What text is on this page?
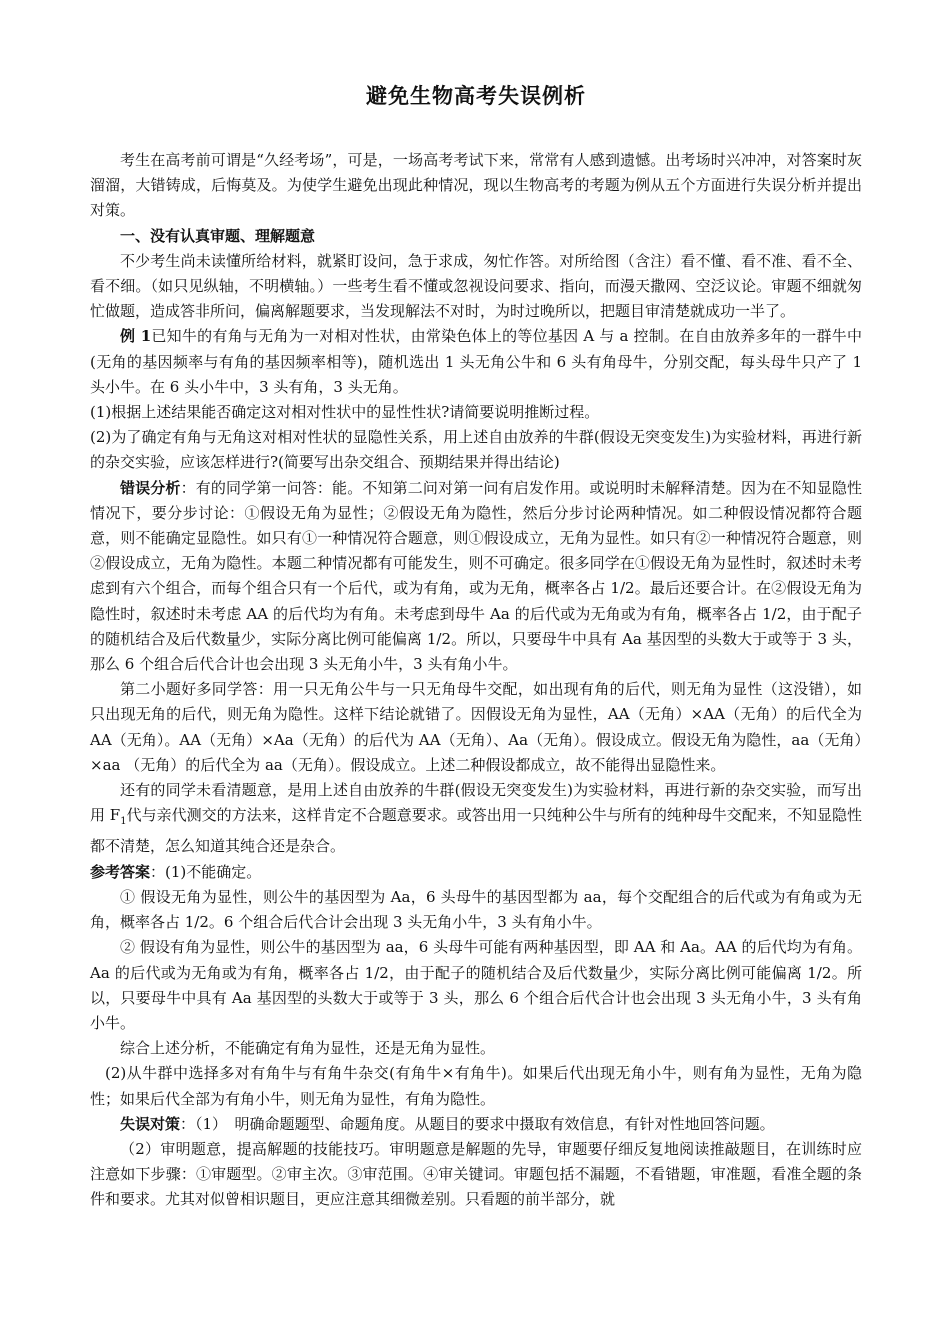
避免生物高考失误例析

考生在高考前可谓是“久经考场”，可是，一场高考考试下来，常常有人感到遗憾。出考场时兴冲冲，对答案时灰溜溜，大错铸成，后悔莫及。为使学生避免出现此种情况，现以生物高考的考题为例从五个方面进行失误分析并提出对策。

一、没有认真审题、理解题意

不少考生尚未读懂所给材料，就紧盯设问，急于求成，匆忙作答。对所给图（含注）看不懂、看不准、看不全、看不细。（如只见纵轴，不明横轴。）一些考生看不懂或忽视设问要求、指向，而漫天撒网、空泛议论。审题不细就匆忙做题，造成答非所问，偏离解题要求，当发现解法不对时，为时过晚所以，把题目审清楚就成功一半了。

例 1已知牛的有角与无角为一对相对性状，由常染色体上的等位基因 A 与 a 控制。在自由放养多年的一群牛中(无角的基因频率与有角的基因频率相等)，随机选出 1 头无角公牛和 6 头有角母牛，分别交配，每头母牛只产了 1 头小牛。在 6 头小牛中，3 头有角，3 头无角。

(1)根据上述结果能否确定这对相对性状中的显性性状?请简要说明推断过程。

(2)为了确定有角与无角这对相对性状的显隐性关系，用上述自由放养的牛群(假设无突变发生)为实验材料，再进行新的杂交实验，应该怎样进行?(简要写出杂交组合、预期结果并得出结论)

错误分析：有的同学第一问答：能。不知第二问对第一问有启发作用。或说明时未解释清楚。因为在不知显隐性情况下，要分步讨论：①假设无角为显性；②假设无角为隐性，然后分步讨论两种情况。如二种假设情况都符合题意，则不能确定显隐性。如只有①一种情况符合题意，则①假设成立，无角为显性。如只有②一种情况符合题意，则②假设成立，无角为隐性。本题二种情况都有可能发生，则不可确定。很多同学在①假设无角为显性时，叙述时未考虑到有六个组合，而每个组合只有一个后代，或为有角，或为无角，概率各占 1/2。最后还要合计。在②假设无角为隐性时，叙述时未考虑 AA 的后代均为有角。未考虑到母牛 Aa 的后代或为无角或为有角，概率各占 1/2，由于配子的随机结合及后代数量少，实际分离比例可能偏离 1/2。所以，只要母牛中具有 Aa 基因型的头数大于或等于 3 头，那么 6 个组合后代合计也会出现 3 头无角小牛，3 头有角小牛。

第二小题好多同学答：用一只无角公牛与一只无角母牛交配，如出现有角的后代，则无角为显性（这没错），如只出现无角的后代，则无角为隐性。这样下结论就错了。因假设无角为显性，AA（无角）×AA（无角）的后代全为 AA（无角）。AA（无角）×Aa（无角）的后代为 AA（无角）、Aa（无角）。假设成立。假设无角为隐性，aa（无角）×aa （无角）的后代全为 aa（无角）。假设成立。上述二种假设都成立，故不能得出显隐性来。

还有的同学未看清题意，是用上述自由放养的牛群(假设无突变发生)为实验材料，再进行新的杂交实验，而写出用 $F_1$代与亲代测交的方法来，这样肯定不合题意要求。或答出用一只纯种公牛与所有的纯种母牛交配来，不知显隐性都不清楚，怎么知道其纯合还是杂合。

参考答案：(1)不能确定。

① 假设无角为显性，则公牛的基因型为 Aa，6 头母牛的基因型都为 aa，每个交配组合的后代或为有角或为无角，概率各占 1/2。6 个组合后代合计会出现 3 头无角小牛，3 头有角小牛。

② 假设有角为显性，则公牛的基因型为 aa，6 头母牛可能有两种基因型，即 AA 和 Aa。AA 的后代均为有角。Aa 的后代或为无角或为有角，概率各占 1/2，由于配子的随机结合及后代数量少，实际分离比例可能偏离 1/2。所以，只要母牛中具有 Aa 基因型的头数大于或等于 3 头，那么 6 个组合后代合计也会出现 3 头无角小牛，3 头有角小牛。

综合上述分析，不能确定有角为显性，还是无角为显性。

(2)从牛群中选择多对有角牛与有角牛杂交(有角牛×有角牛)。如果后代出现无角小牛，则有角为显性，无角为隐性；如果后代全部为有角小牛，则无角为显性，有角为隐性。

失误对策：（1）　明确命题题型、命题角度。从题目的要求中摄取有效信息，有针对性地回答问题。

（2）审明题意，提高解题的技能技巧。审明题意是解题的先导，审题要仔细反复地阅读推敲题目，在训练时应注意如下步骤：①审题型。②审主次。③审范围。④审关键词。审题包括不漏题，不看错题，审准题，看准全题的条件和要求。尤其对似曾相识题目，更应注意其细微差别。只看题的前半部分，就
